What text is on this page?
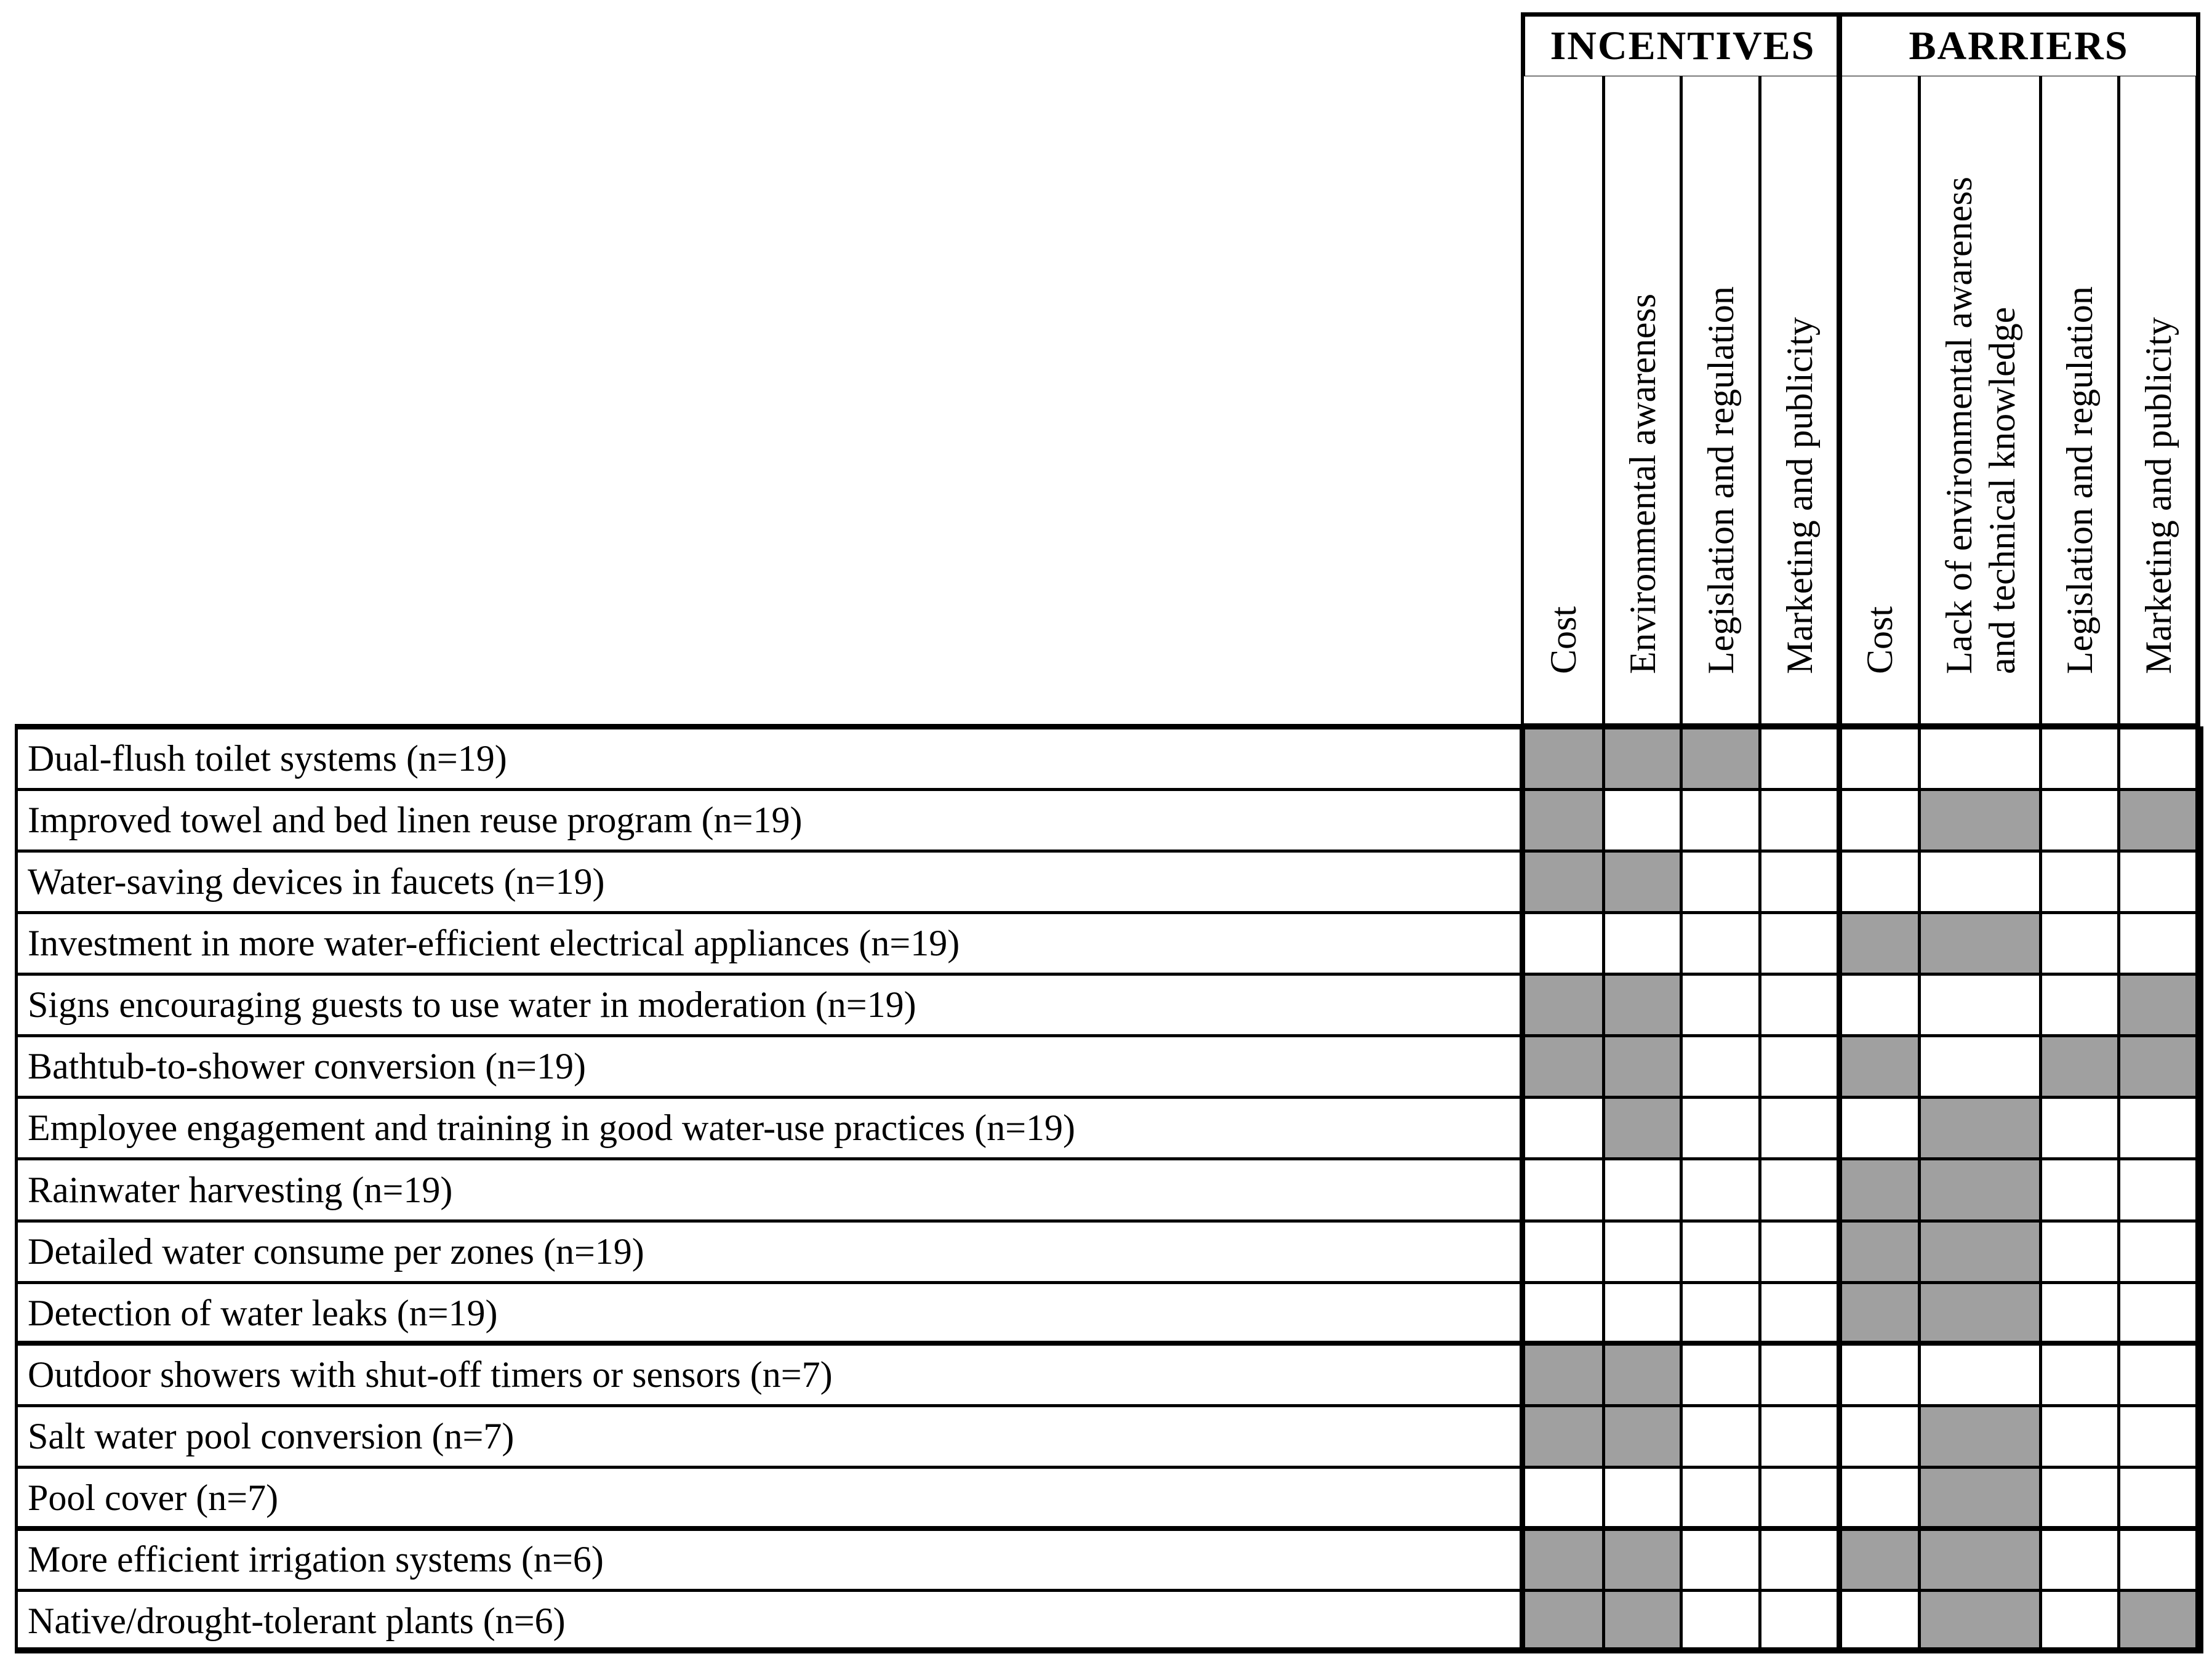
INCENTIVES	BARRIERS
Cost Environmental awareness Legislation and regulation Marketing and publicity Cost Lack of environmental awareness and technical knowledge Legislation and regulation Marketing and publicity
Dual-flush toilet systems (n=19)
Improved towel and bed linen reuse program (n=19)
Water-saving devices in faucets (n=19)
Investment in more water-efficient electrical appliances (n=19)
Signs encouraging guests to use water in moderation (n=19)
Bathtub-to-shower conversion (n=19)
Employee engagement and training in good water-use practices (n=19)
Rainwater harvesting (n=19)
Detailed water consume per zones (n=19)
Detection of water leaks (n=19)
Outdoor showers with shut-off timers or sensors (n=7)
Salt water pool conversion (n=7)
Pool cover (n=7)
More efficient irrigation systems (n=6)
Native/drought-tolerant plants (n=6)
